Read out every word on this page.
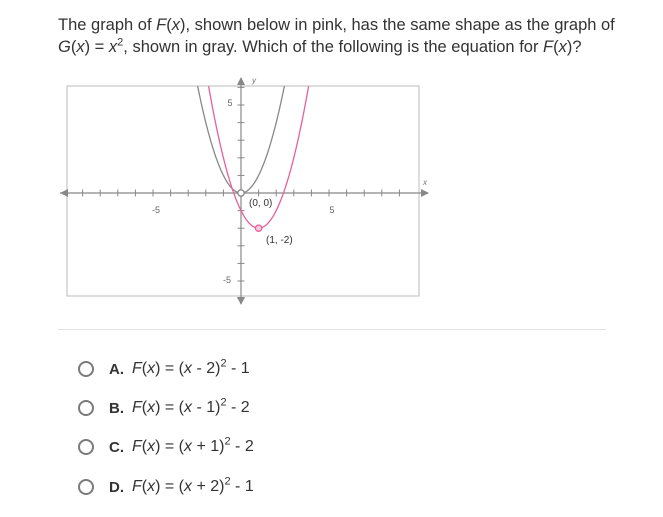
The graph of F(x), shown below in pink, has the same shape as the graph of $G(x) = x^2$, shown in gray. Which of the following is the equation for F(x)?
x
y
-5	5
5
-5
(0, 0)
(1, -2)
A. F(x) = (x - 2)$^2$ - 1
B. F(x) = (x - 1)$^2$ - 2
C. $F(x) = (x + 1)^2 - 2$
D. $F(x) = (x + 2)^2 - 1$
